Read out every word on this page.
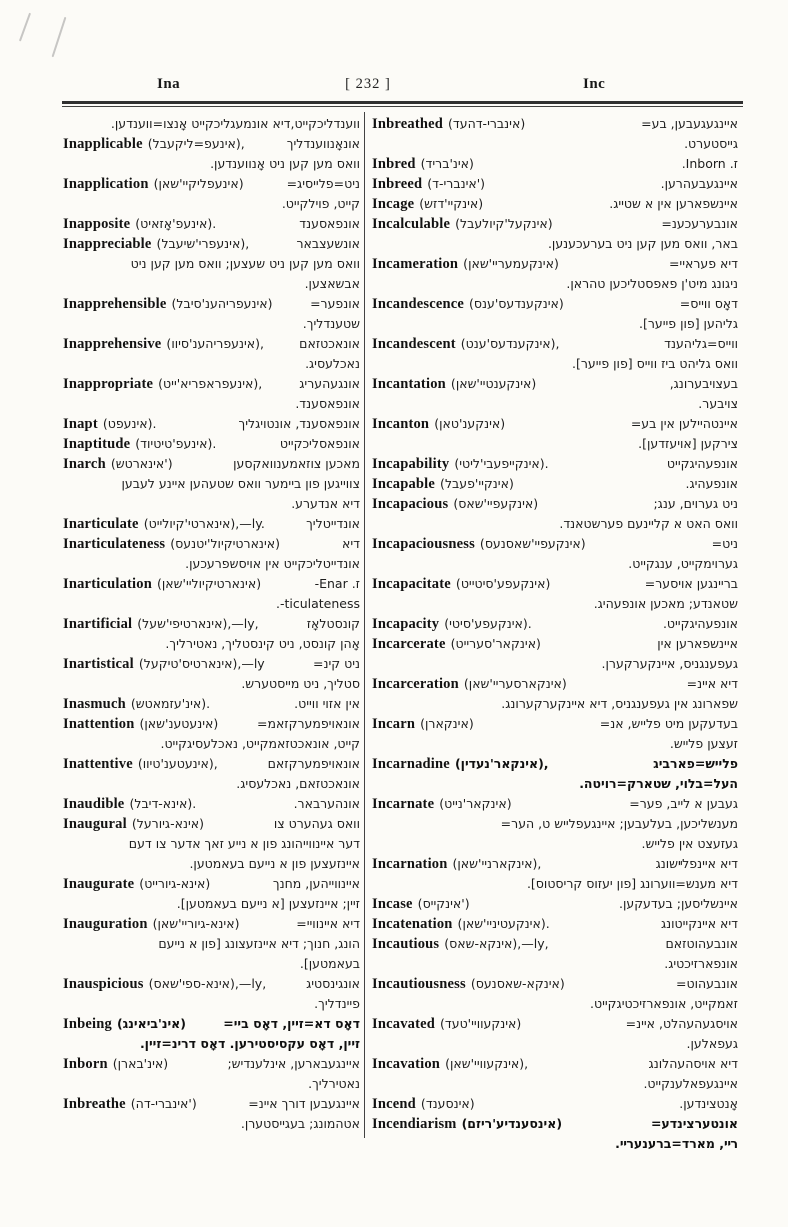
Ina	[ 232 ]	Inc
ווענדליכקייט,דיא אונמעגליכקייט אָנצו=ווענדען.
Inapplicable (אינעפ=ליקעבל),	אונאָנווענדליך
וואס מען קען ניט אָנווענדען.
Inapplication (אינעפליקיי'שאן)	ניט=פלייסיג=
קייט, פוילקייט.
Inapposite (אינעפ'אָזאיט).	אונפאסענד
Inappreciable (אינעפרי'שיעבל),	אונשעצבאר
וואס מען קען ניט שעצען; וואס מען קען ניט
אבשאצען.
Inapprehensible (אינעפריהענ'סיבל)	אונפער=
שטענדליך.
Inapprehensive (אינעפריהענ'סיוו),	אונאכטזאם
נאכלעסיג.
Inappropriate (אינעפראפריא'ייט),	אונגעהעריג
אונפאסענד.
Inapt (אינעפט).	אונפאסענד, אונטויגליך
Inaptitude (אינעפ'טיטיוד).	אונפאסליכקייט
Inarch (אינארטש')	מאכען צוזאמענוואקסען
צווייגען פון ביימער וואס שטעהען איינע לעבען
דיא אנדערע.
Inarticulate (אינארטי'קיולייט),—ly.	אונדייטליך
Inarticulateness (אינארטיקיול'יטנעס)	דיא
אונדייטליכקייט אין אויסשפרעכען.
Inarticulation (אינארטיקיוליי'שאן)	ז. Enar-
.-ticulateness
Inartificial (אינארטיפי'שעל),—ly,	קונסטלאָז
אָהן קונסט, ניט קינסטליך, נאטירליך.
Inartistical (אינארטיס'טיקעל),—ly	ניט קינ=
סטליך, ניט מייסטערש.
Inasmuch (אינ'עזמאטש).	אין אזוי ווייט.
Inattention (אינעטענ'שאן)	אונאויפמערקזאמ=
קייט, אונאכטזאמקייט, נאכלעסיגקייט.
Inattentive (אינעטענ'טיוו),	אונאויפמערקזאם
אונאכטזאם, נאכלעסיג.
Inaudible (אינא-דיבל).	אונהערבאר.
Inaugural (אינא-גיורעל)	וואס געהערט צו
דער איינווייהונג פון א נייע זאך אדער צו דעם
איינזעצען פון א נייעם בעאמטען.
Inaugurate (אינא-גיורייט)	איינווייהען, מחנך
זיין; איינזעצען [א נייעם בעאמטען].
Inauguration (אינא-גיוריי'שאן)	דיא איינוויי=
הונג, חנוך; דיא איינזעצונג [פון א נייעם
בעאמטען].
Inauspicious (אינא-ספי'שאס),—ly,	אונגינסטיג
פיינדליך.
Inbeing (אינ'ביאינג)	דאָס דא=זיין, דאָס ביי=
זיין, דאָס עקסיסטירען. דאָס דרינ=זיין.
Inborn (אינ'בארן)	איינגעבארען, אינלענדיש;
נאטירליך.
Inbreathe (אינברי-דה')	איינגעבען דורך איינ=
אטהמונג; בעגייסטערן.
Inbreathed (אינברי-דהעד)	איינגעגעבען, בע=
גייסטערט.
Inbred (אינ'בריד)	ז. Inborn.
Inbreed (אינברי-ד')	איינגעבעהרען.
Incage (אינקיי'דזש)	איינשפארען אין א שטייג.
Incalculable (אינקעל'קיולעבל)	אונבערעכענ=
באר, וואס מען קען ניט בערעכענען.
Incameration (אינקעמעריי'שאן)	דיא פעראיי=
ניגונג מיט'ן פאפסטליכען טהראן.
Incandescence (אינקענדעס'ענס)	דאָס ווייס=
גליהען [פון פייער].
Incandescent (אינקענדעס'ענט),	ווייס=גליהענד
וואס גליהט ביז ווייס [פון פייער].
Incantation (אינקענטיי'שאן)	בעצויבערונג,
צויבער.
Incanton (אינקענ'טאן)	איינטהיילען אין בע=
צירקען [אויעזדען].
Incapability (אינקייפעבי'ליטי).	אונפעהיגקייט
Incapable (אינקיי'פעבל)	אונפעהיג.
Incapacious (אינקעפיי'שאס)	ניט גערוים, ענג;
וואס האט א קליינעם פערשטאנד.
Incapaciousness (אינקעפיי'שאסנעס)	ניט=
גערוימקייט, ענגקייט.
Incapacitate (אינקעפע'סיטייט)	בריינגען אויסער=
שטאנדע; מאכען אונפעהיג.
Incapacity (אינקעפע'סיטי).	אונפעהיגקייט.
Incarcerate (אינקאר'סערייט)	איינשפארען אין
געפענגניס, איינקערקערן.
Incarceration (אינקארסעריי'שאן)	דיא איינ=
שפארונג אין געפענגניס, דיא איינקערקערונג.
Incarn (אינקארן)	בעדעקען מיט פלייש, אנ=
זעצען פלייש.
Incarnadine (אינקאר'נעדין),	פלייש=פארביג
העל=בלוי, שטארק=רויטה.
Incarnate (אינקאר'נייט)	געבען א לייב, פער=
מענשליכען, בעלעבען; איינגעפלייש ט, הער=
געזעצט אין פלייש.
Incarnation (אינקארניי'שאן),	דיא איינפלײשונג
דיא מענש=ווערונג [פון יעזוס קריסטוס].
Incase (אינקייס')	איינשליסען; בעדעקען.
Incatenation (אינקעטיניי'שאן).	דיא איינקייטונג
Incautious (אינקא-שאס),—ly,	אונבעהוטזאם
אונפארזיכטיג.
Incautiousness (אינקא-שאסנעס)	אונבעהוט=
זאמקייט, אונפארזיכטיגקייט.
Incavated (אינקעוויי'טעד)	אויסגעהעהלט, איינ=
געפאלען.
Incavation (אינקעוויי'שאן),	דיא אויסהעהלונג
איינגעפאלענקייט.
Incend (אינסענד)	אָנטצינדען.
Incendiarism (אינסענדיע'ריזם)	אונטערצינדע=
רײ, מארד=ברענערײ.
